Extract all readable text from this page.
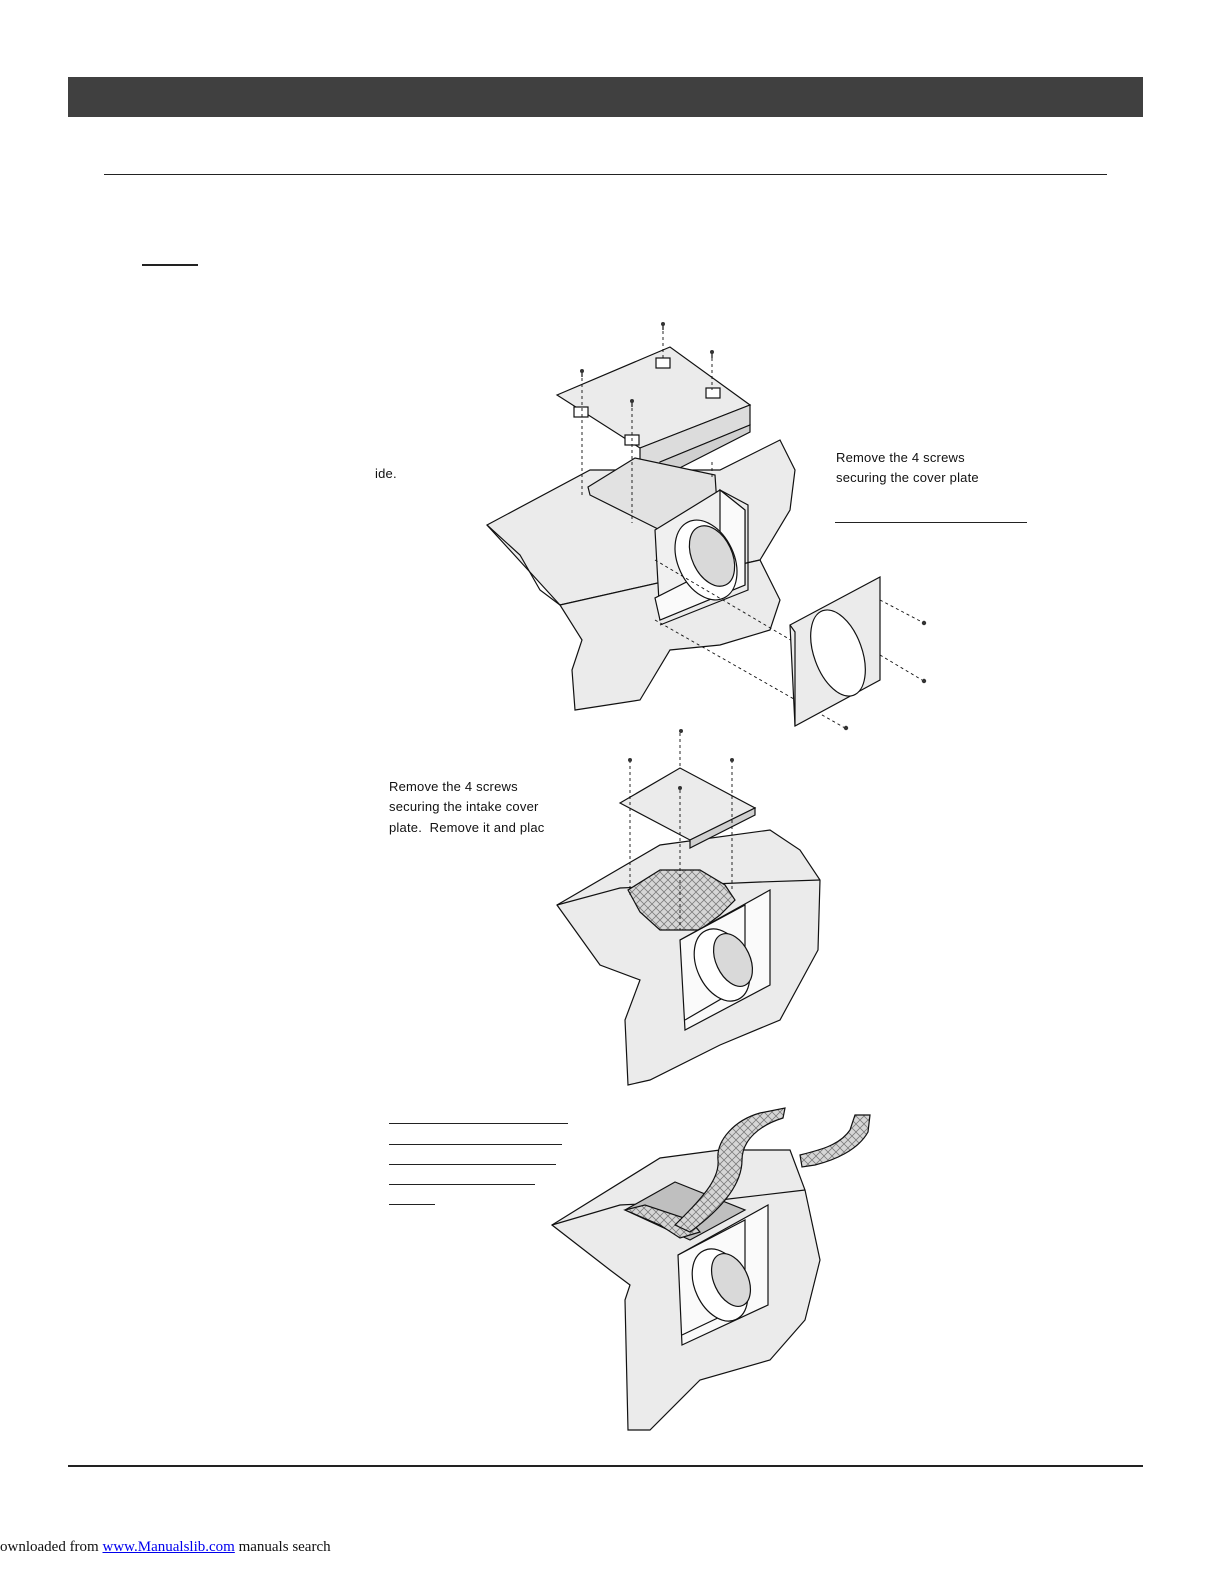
ide.
Remove the 4 screws
securing the cover plate
Remove the 4 screws
securing the intake cover
plate.  Remove it and plac
ownloaded from www.Manualslib.com manuals search
